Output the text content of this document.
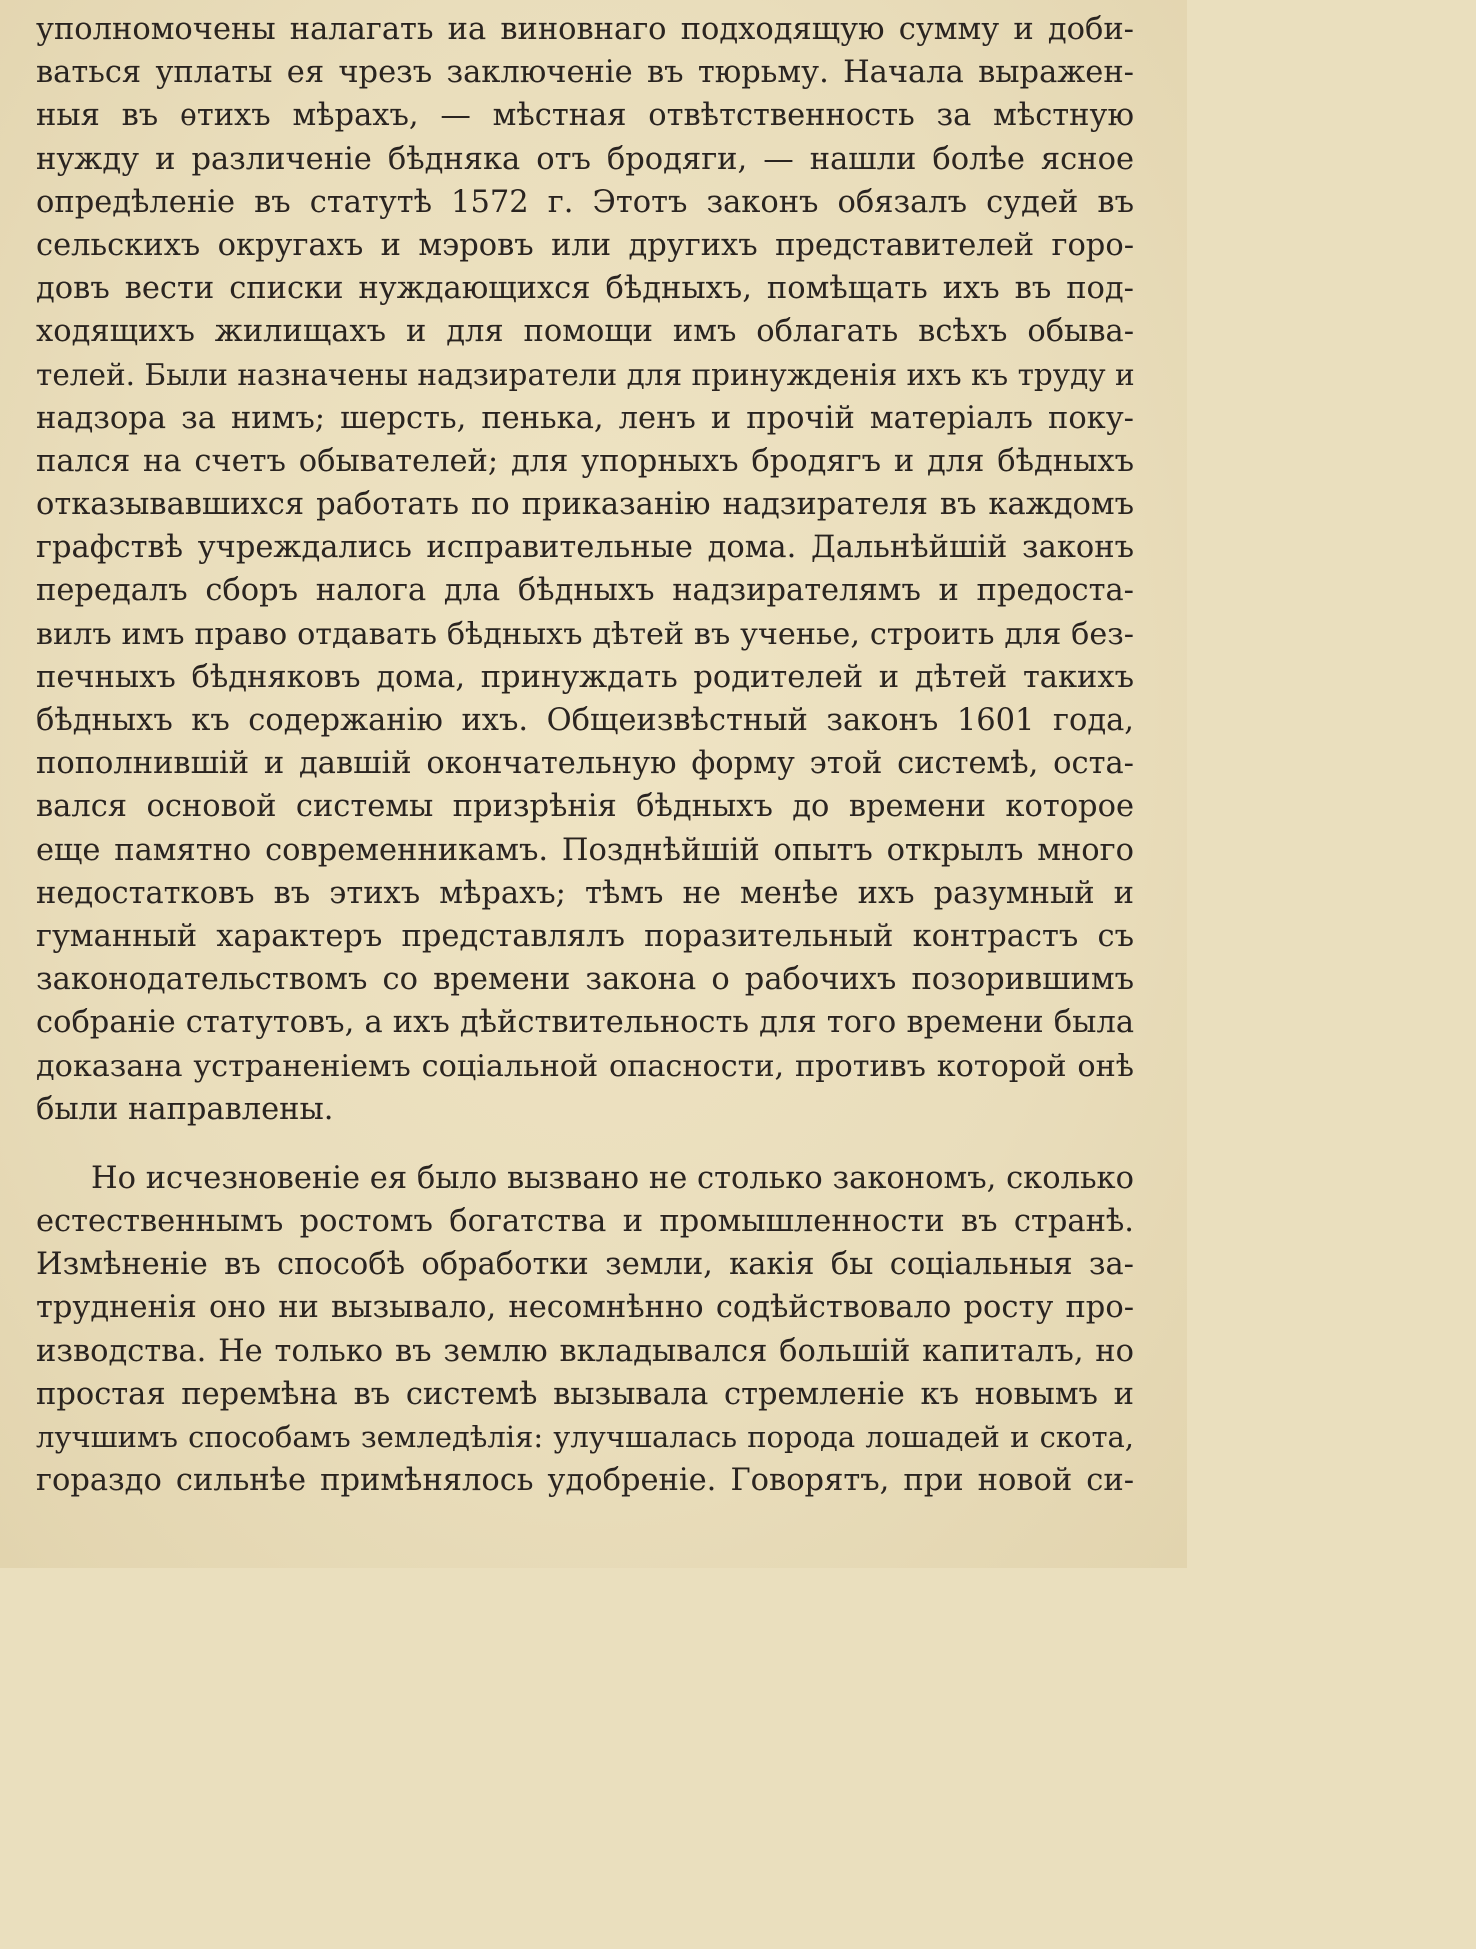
уполномочены налагать иа виновнаго подходящую сумму и доби-
ваться уплаты ея чрезъ заключеніе въ тюрьму. Начала выражен-
ныя въ ѳтихъ мѣрахъ, — мѣстная отвѣтственность за мѣстную
нужду и различеніе бѣдняка отъ бродяги, — нашли болѣе ясное
опредѣленіе въ статутѣ 1572 г. Этотъ законъ обязалъ судей въ
сельскихъ округахъ и мэровъ или другихъ представителей горо-
довъ вести списки нуждающихся бѣдныхъ, помѣщать ихъ въ под-
ходящихъ жилищахъ и для помощи имъ облагать всѣхъ обыва-
телей. Были назначены надзиратели для принужденія ихъ къ труду и
надзора за нимъ; шерсть, пенька, ленъ и прочій матеріалъ поку-
пался на счетъ обывателей; для упорныхъ бродягъ и для бѣдныхъ
отказывавшихся работать по приказанію надзирателя въ каждомъ
графствѣ учреждались исправительные дома. Дальнѣйшій законъ
передалъ сборъ налога дла бѣдныхъ надзирателямъ и предоста-
вилъ имъ право отдавать бѣдныхъ дѣтей въ ученье, строить для без-
печныхъ бѣдняковъ дома, принуждать родителей и дѣтей такихъ
бѣдныхъ къ содержанію ихъ. Общеизвѣстный законъ 1601 года,
пополнившій и давшій окончательную форму этой системѣ, оста-
вался основой системы призрѣнія бѣдныхъ до времени которое
еще памятно современникамъ. Позднѣйшій опытъ открылъ много
недостатковъ въ этихъ мѣрахъ; тѣмъ не менѣе ихъ разумный и
гуманный характеръ представлялъ поразительный контрастъ съ
законодательствомъ со времени закона о рабочихъ позорившимъ
собраніе статутовъ, а ихъ дѣйствительность для того времени была
доказана устраненіемъ соціальной опасности, противъ которой онѣ
были направлены.
Но исчезновеніе ея было вызвано не столько закономъ, сколько
естественнымъ ростомъ богатства и промышленности въ странѣ.
Измѣненіе въ способѣ обработки земли, какія бы соціальныя за-
трудненія оно ни вызывало, несомнѣнно содѣйствовало росту про-
изводства. Не только въ землю вкладывался большій капиталъ, но
простая перемѣна въ системѣ вызывала стремленіе къ новымъ и
лучшимъ способамъ земледѣлія: улучшалась порода лошадей и скота,
гораздо сильнѣе примѣнялось удобреніе. Говорятъ, при новой си-
